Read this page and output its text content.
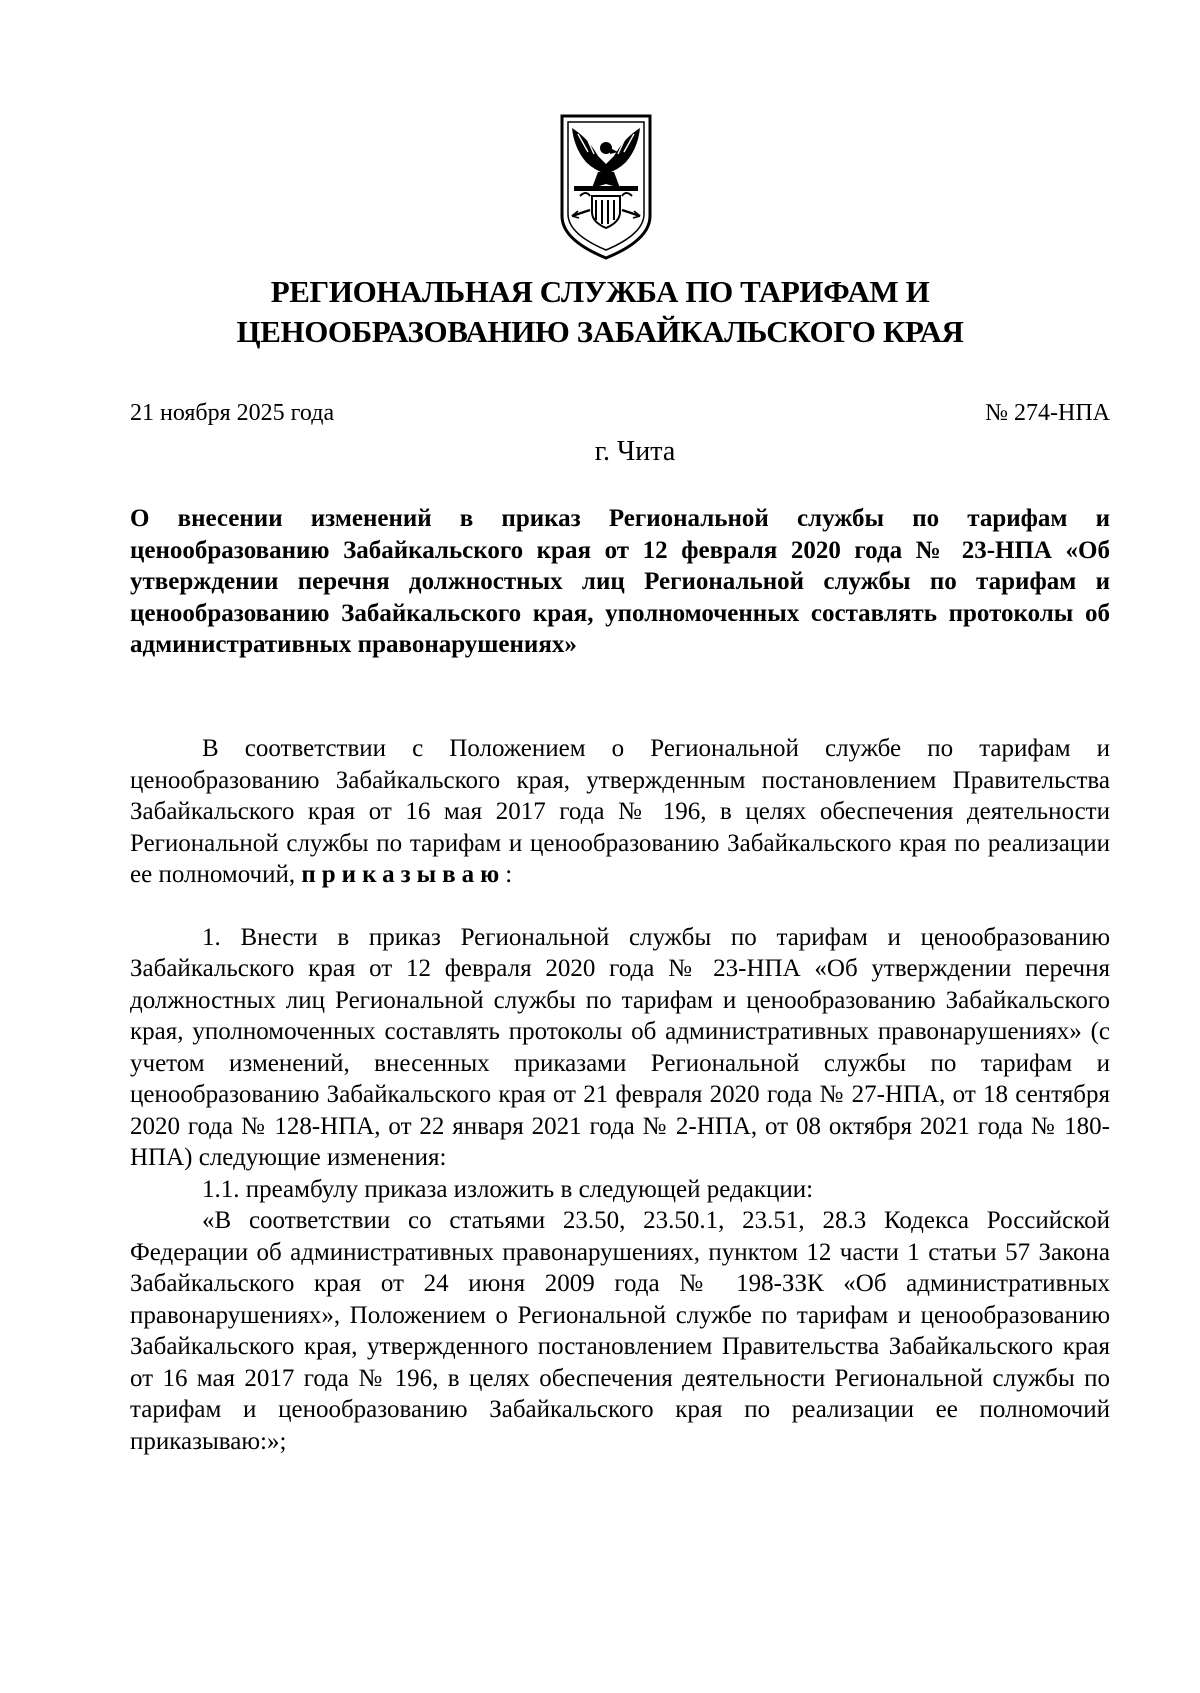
РЕГИОНАЛЬНАЯ СЛУЖБА ПО ТАРИФАМ И
ЦЕНООБРАЗОВАНИЮ ЗАБАЙКАЛЬСКОГО КРАЯ
21 ноября 2025 года	№ 274-НПА
г. Чита
О внесении изменений в приказ Региональной службы по тарифам и ценообразованию Забайкальского края от 12 февраля 2020 года № 23-НПА «Об утверждении перечня должностных лиц Региональной службы по тарифам и ценообразованию Забайкальского края, уполномоченных составлять протоколы об административных правонарушениях»

В соответствии с Положением о Региональной службе по тарифам и ценообразованию Забайкальского края, утвержденным постановлением Правительства Забайкальского края от 16 мая 2017 года № 196, в целях обеспечения деятельности Региональной службы по тарифам и ценообразованию Забайкальского края по реализации ее полномочий, приказываю:

1. Внести в приказ Региональной службы по тарифам и ценообразованию Забайкальского края от 12 февраля 2020 года № 23-НПА «Об утверждении перечня должностных лиц Региональной службы по тарифам и ценообразованию Забайкальского края, уполномоченных составлять протоколы об административных правонарушениях» (с учетом изменений, внесенных приказами Региональной службы по тарифам и ценообразованию Забайкальского края от 21 февраля 2020 года № 27-НПА, от 18 сентября 2020 года № 128-НПА, от 22 января 2021 года № 2-НПА, от 08 октября 2021 года № 180-НПА) следующие изменения:

1.1. преамбулу приказа изложить в следующей редакции:

«В соответствии со статьями 23.50, 23.50.1, 23.51, 28.3 Кодекса Российской Федерации об административных правонарушениях, пунктом 12 части 1 статьи 57 Закона Забайкальского края от 24 июня 2009 года № 198-ЗЗК «Об административных правонарушениях», Положением о Региональной службе по тарифам и ценообразованию Забайкальского края, утвержденного постановлением Правительства Забайкальского края от 16 мая 2017 года № 196, в целях обеспечения деятельности Региональной службы по тарифам и ценообразованию Забайкальского края по реализации ее полномочий приказываю:»;
